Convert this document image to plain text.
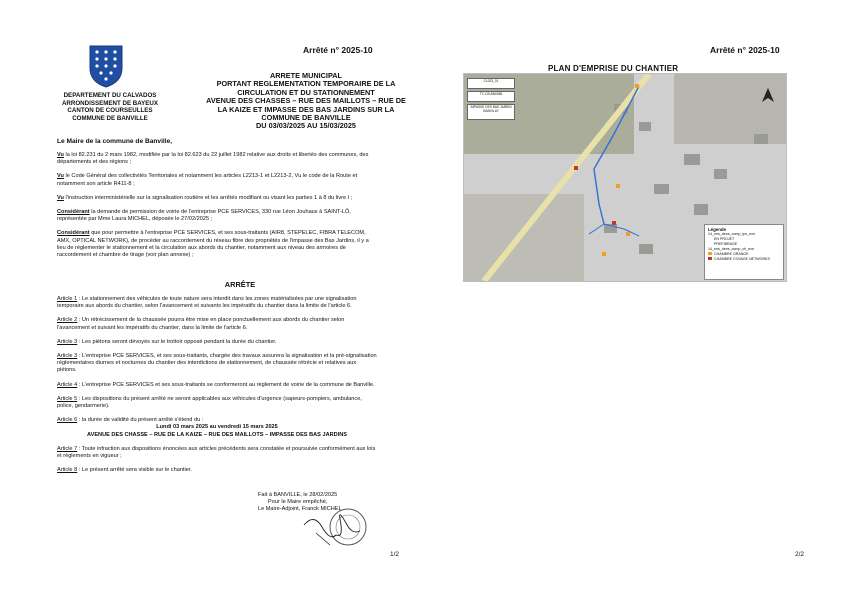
Arrêté n° 2025-10
DEPARTEMENT DU CALVADOS
ARRONDISSEMENT DE BAYEUX
CANTON DE COURSEULLES
COMMUNE DE BANVILLE
ARRETE MUNICIPAL
PORTANT REGLEMENTATION TEMPORAIRE DE LA
CIRCULATION ET DU STATIONNEMENT
AVENUE DES CHASSES – RUE DES MAILLOTS – RUE DE
LA KAIZE ET IMPASSE DES BAS JARDINS SUR LA
COMMUNE DE BANVILLE
DU 03/03/2025 AU 15/03/2025
Le Maire de la commune de Banville,

Vu la loi 82.231 du 2 mars 1982, modifiée par la loi 82.623 du 22 juillet 1982 relative aux droits et libertés des communes, des départements et des régions ;

Vu le Code Général des collectivités Territoriales et notamment les articles L2213-1 et L2213-2, Vu le code de la Route et notamment son article R411-8 ;

Vu l'instruction interministérielle sur la signalisation routière et les arrêtés modifiant ou visant les parties 1 à 8 du livre I ;

Considérant la demande de permission de voirie de l'entreprise PCE SERVICES, 330 rue Léon Jouhaux à SAINT-LÔ, représentée par Mme Laura MICHEL, déposée le 27/02/2025 ;

Considérant que pour permettre à l'entreprise PCE SERVICES, et ses sous-traitants (AIR8, STEPELEC, FIBRA TELECOM, AMX, OPTICAL NETWORK), de procéder au raccordement du réseau fibre des propriétés de l'impasse des Bas Jardins, il y a lieu de réglementer le stationnement et la circulation aux abords du chantier, notamment aux niveau des armoires de raccordement et chambre de tirage (voir plan annexe) ;

ARRÊTE

Article 1 : Le stationnement des véhicules de toute nature sera interdit dans les zones matérialisées par une signalisation temporaire aux abords du chantier, selon l'avancement et suivants les impératifs du chantier dans la limite de l'article 6.

Article 2 : Un rétrécissement de la chaussée pourra être mise en place ponctuellement aux abords du chantier selon l'avancement et suivant les impératifs du chantier, dans la limite de l'article 6.

Article 3 : Les piétons seront dévoyés sur le trottoir opposé pendant la durée du chantier.

Article 3 : L'entreprise PCE SERVICES, et ses sous-traitants, chargée des travaux assurera la signalisation et la pré-signalisation réglementaires diurnes et nocturnes du chantier des interdictions de stationnement, de chaussée rétrécie et relatives aux piétons.

Article 4 : L'entreprise PCE SERVICES et ses sous-traitants se conformeront au règlement de voirie de la commune de Banville.

Article 5 : Les dispositions du présent arrêté ne seront applicables aux véhicules d'urgence (sapeurs-pompiers, ambulance, police, gendarmerie).

Article 6 : la durée de validité du présent arrêté s'étend du :

Lundi 03 mars 2025 au vendredi 15 mars 2025
AVENUE DES CHASSE – RUE DE LA KAIZE – RUE DES MAILLOTS – IMPASSE DES BAS JARDINS

Article 7 : Toute infraction aux dispositions énoncées aux articles précédents sera constatée et poursuivie conformément aux lois et règlements en vigueur ;

Article 8 : Le présent arrêté sera visible sur le chantier.

Fait à BANVILLE, le 28/02/2025
Pour le Maire empêché,
Le Maire-Adjoint, Franck MICHEL
1/2
Arrêté n° 2025-10
PLAN D'EMPRISE DU CHANTIER
CL023_01
TC-CB-BN0058
IMPASSE DES BAS JARDIN BANVILLE
Légende
14_ens_dens_comp_tpx_exe
EN PROJET
PREFIBRAGE
14_ens_dens_comp_ch_exe
CHAMBRE ORANGE
CHAMBRE COVAGE NETWORKS
2/2
